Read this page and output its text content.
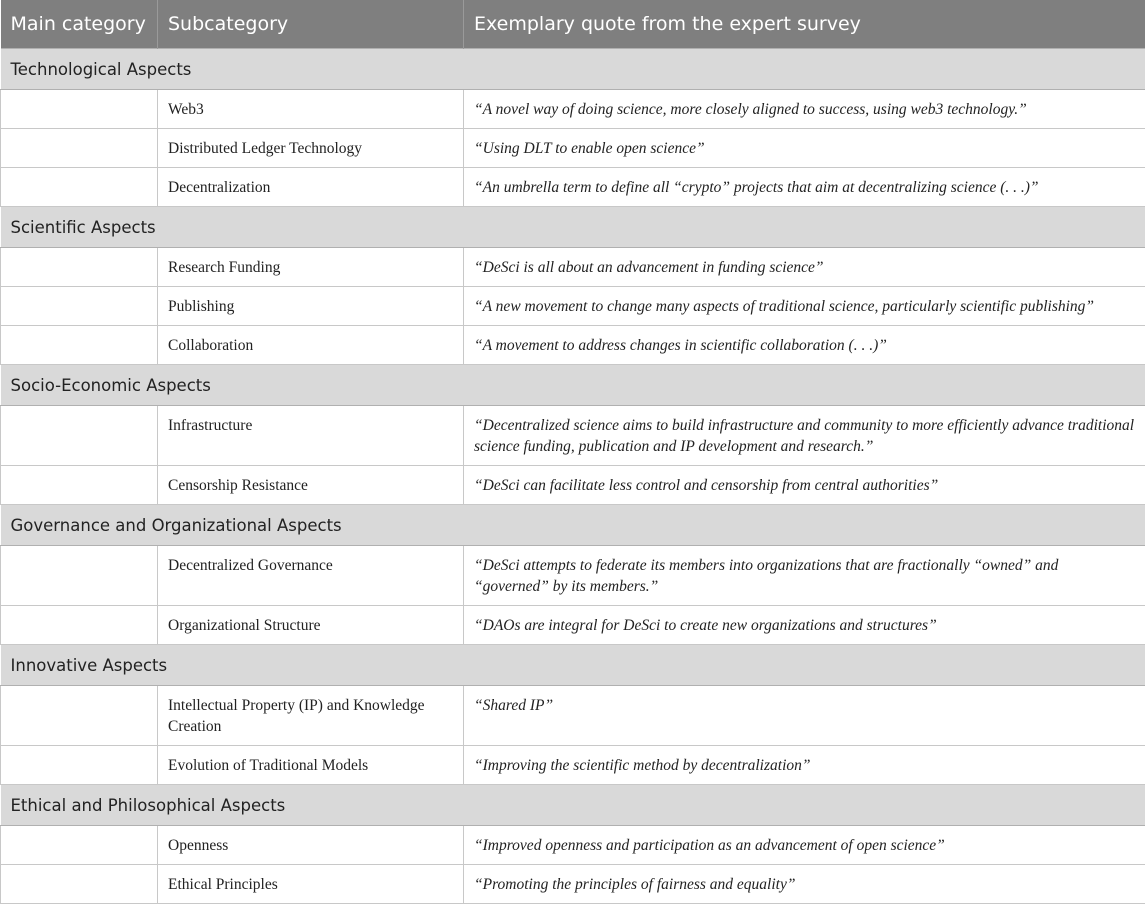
Main category	Subcategory	Exemplary quote from the expert survey
Technological Aspects		
	Web3	“A novel way of doing science, more closely aligned to success, using web3 technology.”
	Distributed Ledger Technology	“Using DLT to enable open science”
	Decentralization	“An umbrella term to define all “crypto” projects that aim at decentralizing science (. . .)”
Scientific Aspects		
	Research Funding	“DeSci is all about an advancement in funding science”
	Publishing	“A new movement to change many aspects of traditional science, particularly scientific publishing”
	Collaboration	“A movement to address changes in scientific collaboration (. . .)”
Socio-Economic Aspects		
	Infrastructure	“Decentralized science aims to build infrastructure and community to more efficiently advance traditional science funding, publication and IP development and research.”
	Censorship Resistance	“DeSci can facilitate less control and censorship from central authorities”
Governance and Organizational Aspects		
	Decentralized Governance	“DeSci attempts to federate its members into organizations that are fractionally “owned” and “governed” by its members.”
	Organizational Structure	“DAOs are integral for DeSci to create new organizations and structures”
Innovative Aspects		
	Intellectual Property (IP) and Knowledge Creation	“Shared IP”
	Evolution of Traditional Models	“Improving the scientific method by decentralization”
Ethical and Philosophical Aspects		
	Openness	“Improved openness and participation as an advancement of open science”
	Ethical Principles	“Promoting the principles of fairness and equality”
